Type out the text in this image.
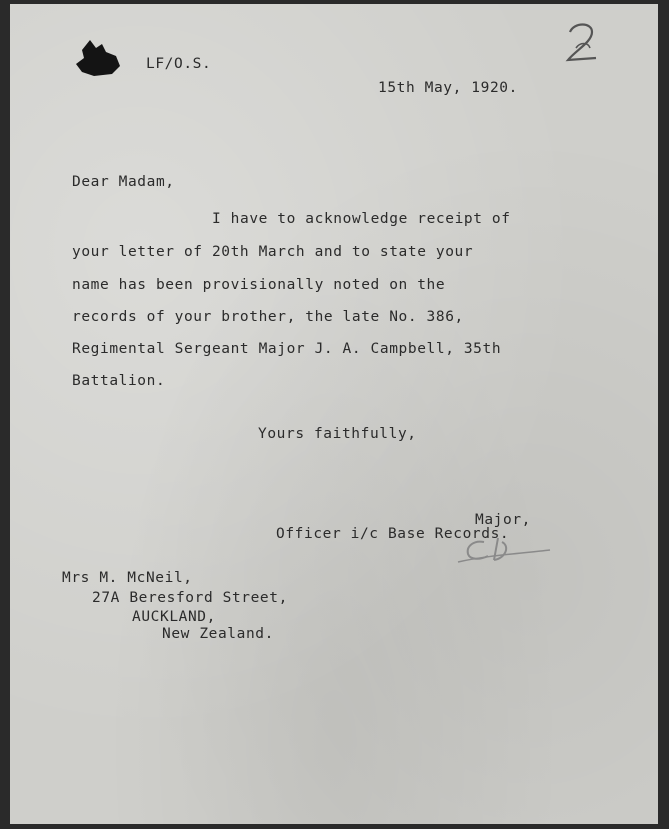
LF/O.S.
15th May, 1920.
Dear Madam,
I have to acknowledge receipt of
your letter of 20th March and to state your
name has been provisionally noted on the
records of your brother, the late No. 386,
Regimental Sergeant Major J. A. Campbell, 35th
Battalion.
Yours faithfully,
Major,
Officer i/c Base Records.
Mrs M. McNeil,
27A Beresford Street,
AUCKLAND,
New Zealand.
